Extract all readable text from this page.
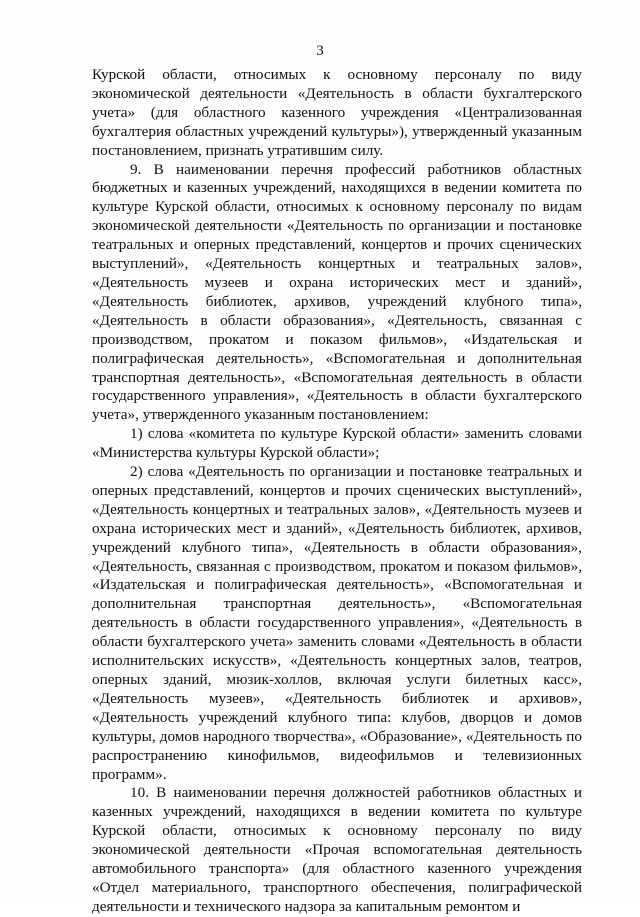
3

Курской области, относимых к основному персоналу по виду экономической деятельности «Деятельность в области бухгалтерского учета» (для областного казенного учреждения «Централизованная бухгалтерия областных учреждений культуры»), утвержденный указанным постановлением, признать утратившим силу.

9. В наименовании перечня профессий работников областных бюджетных и казенных учреждений, находящихся в ведении комитета по культуре Курской области, относимых к основному персоналу по видам экономической деятельности «Деятельность по организации и постановке театральных и оперных представлений, концертов и прочих сценических выступлений», «Деятельность концертных и театральных залов», «Деятельность музеев и охрана исторических мест и зданий», «Деятельность библиотек, архивов, учреждений клубного типа», «Деятельность в области образования», «Деятельность, связанная с производством, прокатом и показом фильмов», «Издательская и полиграфическая деятельность», «Вспомогательная и дополнительная транспортная деятельность», «Вспомогательная деятельность в области государственного управления», «Деятельность в области бухгалтерского учета», утвержденного указанным постановлением:

1) слова «комитета по культуре Курской области» заменить словами «Министерства культуры Курской области»;

2) слова «Деятельность по организации и постановке театральных и оперных представлений, концертов и прочих сценических выступлений», «Деятельность концертных и театральных залов», «Деятельность музеев и охрана исторических мест и зданий», «Деятельность библиотек, архивов, учреждений клубного типа», «Деятельность в области образования», «Деятельность, связанная с производством, прокатом и показом фильмов», «Издательская и полиграфическая деятельность», «Вспомогательная и дополнительная транспортная деятельность», «Вспомогательная деятельность в области государственного управления», «Деятельность в области бухгалтерского учета» заменить словами «Деятельность в области исполнительских искусств», «Деятельность концертных залов, театров, оперных зданий, мюзик-холлов, включая услуги билетных касс», «Деятельность музеев», «Деятельность библиотек и архивов», «Деятельность учреждений клубного типа: клубов, дворцов и домов культуры, домов народного творчества», «Образование», «Деятельность по распространению кинофильмов, видеофильмов и телевизионных программ».

10. В наименовании перечня должностей работников областных и казенных учреждений, находящихся в ведении комитета по культуре Курской области, относимых к основному персоналу по виду экономической деятельности «Прочая вспомогательная деятельность автомобильного транспорта» (для областного казенного учреждения «Отдел материального, транспортного обеспечения, полиграфической деятельности и технического надзора за капитальным ремонтом и
